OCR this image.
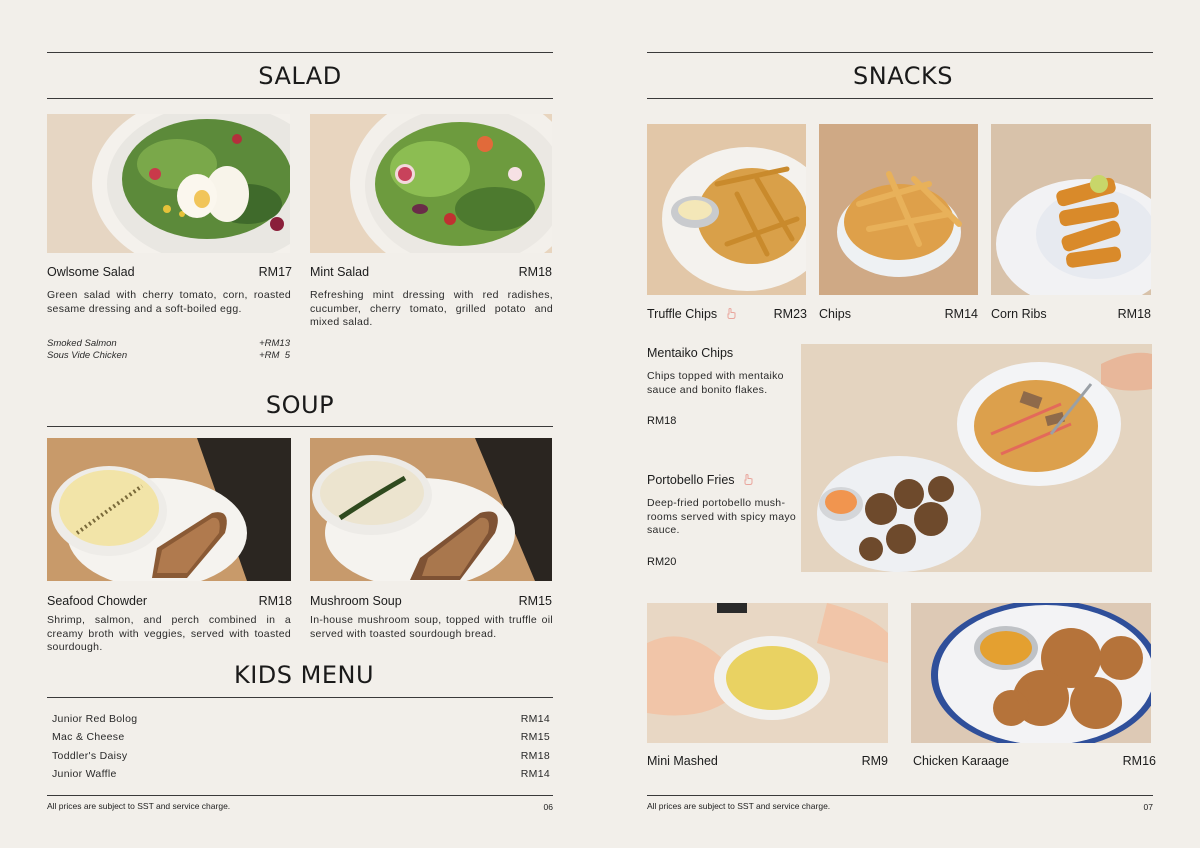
SALAD
Owlsome Salad	RM17
Green salad with cherry tomato, corn, roasted sesame dressing and a soft-boiled egg.
Smoked Salmon	+RM13
Sous Vide Chicken	+RM  5
Mint Salad	RM18
Refreshing mint dressing with red radishes, cucumber, cherry tomato, grilled potato and mixed salad.
SOUP
Seafood Chowder	RM18
Shrimp, salmon, and perch combined in a creamy broth with veggies, served with toasted sourdough.
Mushroom Soup	RM15
In-house mushroom soup, topped with truffle oil served with toasted sourdough bread.
KIDS MENU
Junior Red Bolog	RM14
Mac & Cheese	RM15
Toddler's Daisy	RM18
Junior Waffle	RM14
All prices are subject to SST and service charge.	06
SNACKS
Truffle Chips	RM23 Chips	RM14 Corn Ribs	RM18
Mentaiko Chips
Chips topped with mentaiko sauce and bonito flakes.
RM18
Portobello Fries
Deep-fried portobello mush-rooms served with spicy mayo sauce.
RM20
Mini Mashed	RM9 Chicken Karaage	RM16
All prices are subject to SST and service charge.	07
